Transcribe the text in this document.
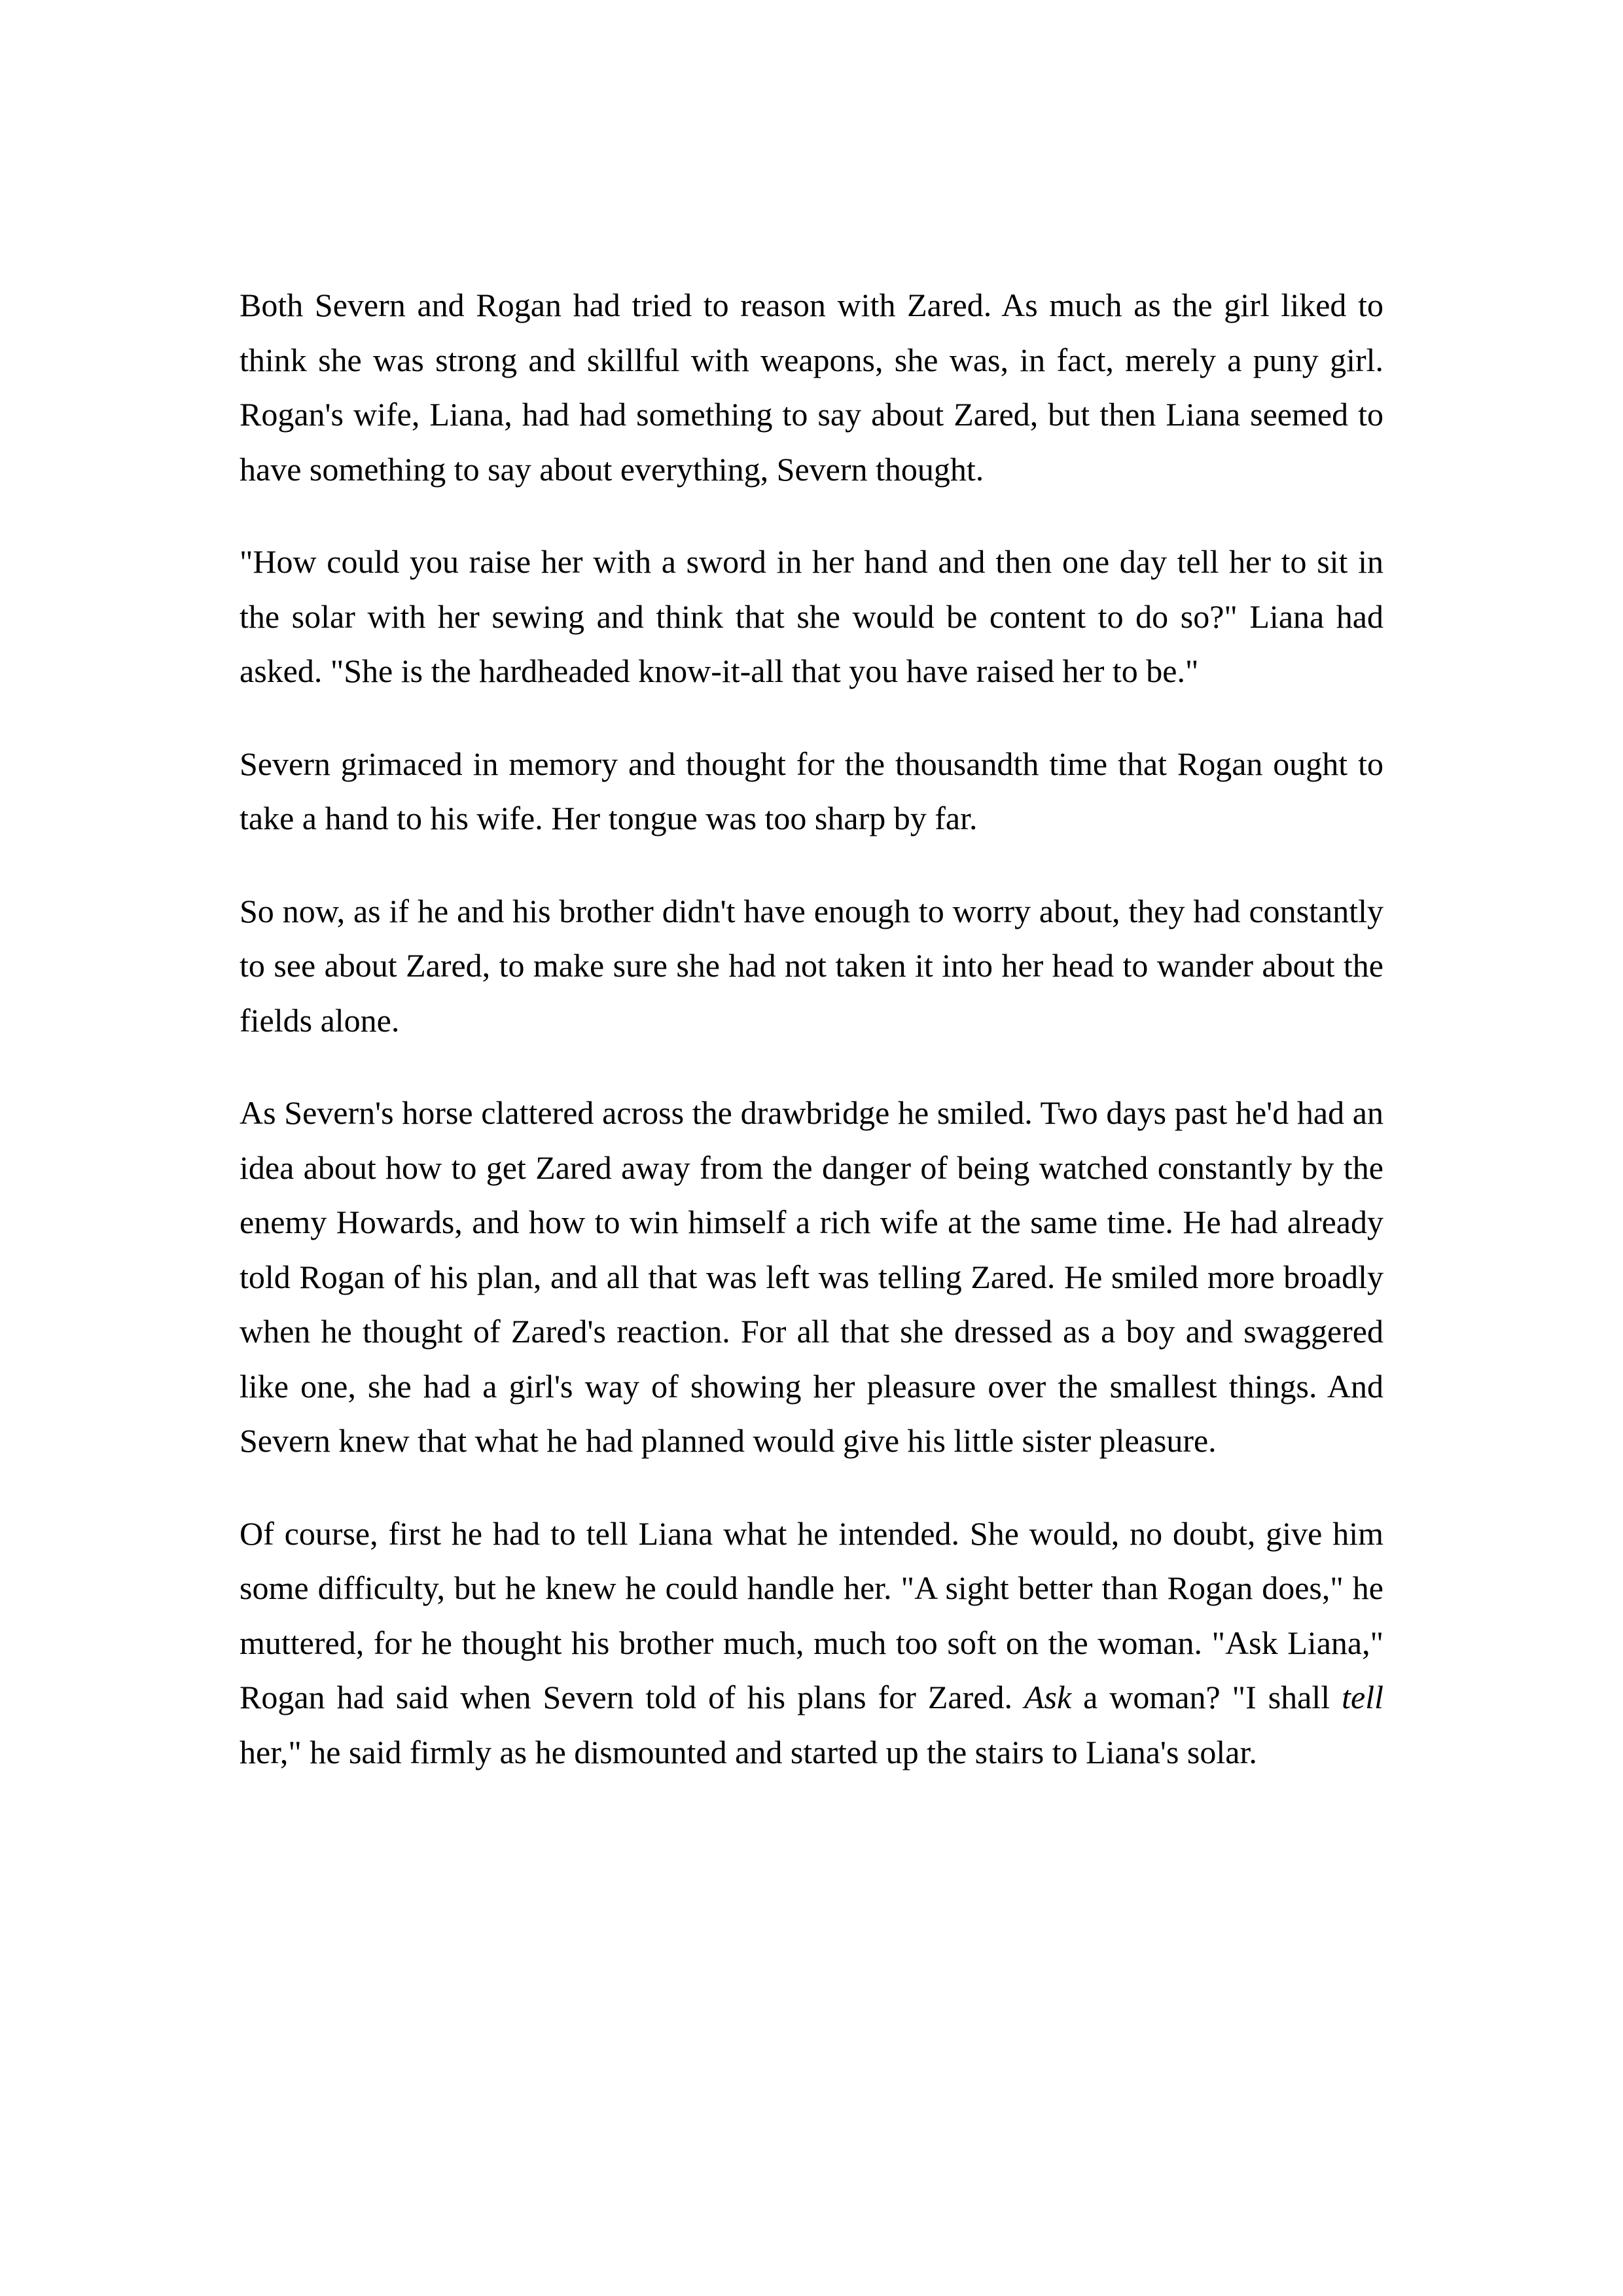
Both Severn and Rogan had tried to reason with Zared. As much as the girl liked to think she was strong and skillful with weapons, she was, in fact, merely a puny girl. Rogan's wife, Liana, had had something to say about Zared, but then Liana seemed to have something to say about everything, Severn thought.

"How could you raise her with a sword in her hand and then one day tell her to sit in the solar with her sewing and think that she would be content to do so?" Liana had asked. "She is the hardheaded know-it-all that you have raised her to be."

Severn grimaced in memory and thought for the thousandth time that Rogan ought to take a hand to his wife. Her tongue was too sharp by far.

So now, as if he and his brother didn't have enough to worry about, they had constantly to see about Zared, to make sure she had not taken it into her head to wander about the fields alone.

As Severn's horse clattered across the drawbridge he smiled. Two days past he'd had an idea about how to get Zared away from the danger of being watched constantly by the enemy Howards, and how to win himself a rich wife at the same time. He had already told Rogan of his plan, and all that was left was telling Zared. He smiled more broadly when he thought of Zared's reaction. For all that she dressed as a boy and swaggered like one, she had a girl's way of showing her pleasure over the smallest things. And Severn knew that what he had planned would give his little sister pleasure.

Of course, first he had to tell Liana what he intended. She would, no doubt, give him some difficulty, but he knew he could handle her. "A sight better than Rogan does," he muttered, for he thought his brother much, much too soft on the woman. "Ask Liana," Rogan had said when Severn told of his plans for Zared. Ask a woman? "I shall tell her," he said firmly as he dismounted and started up the stairs to Liana's solar.
